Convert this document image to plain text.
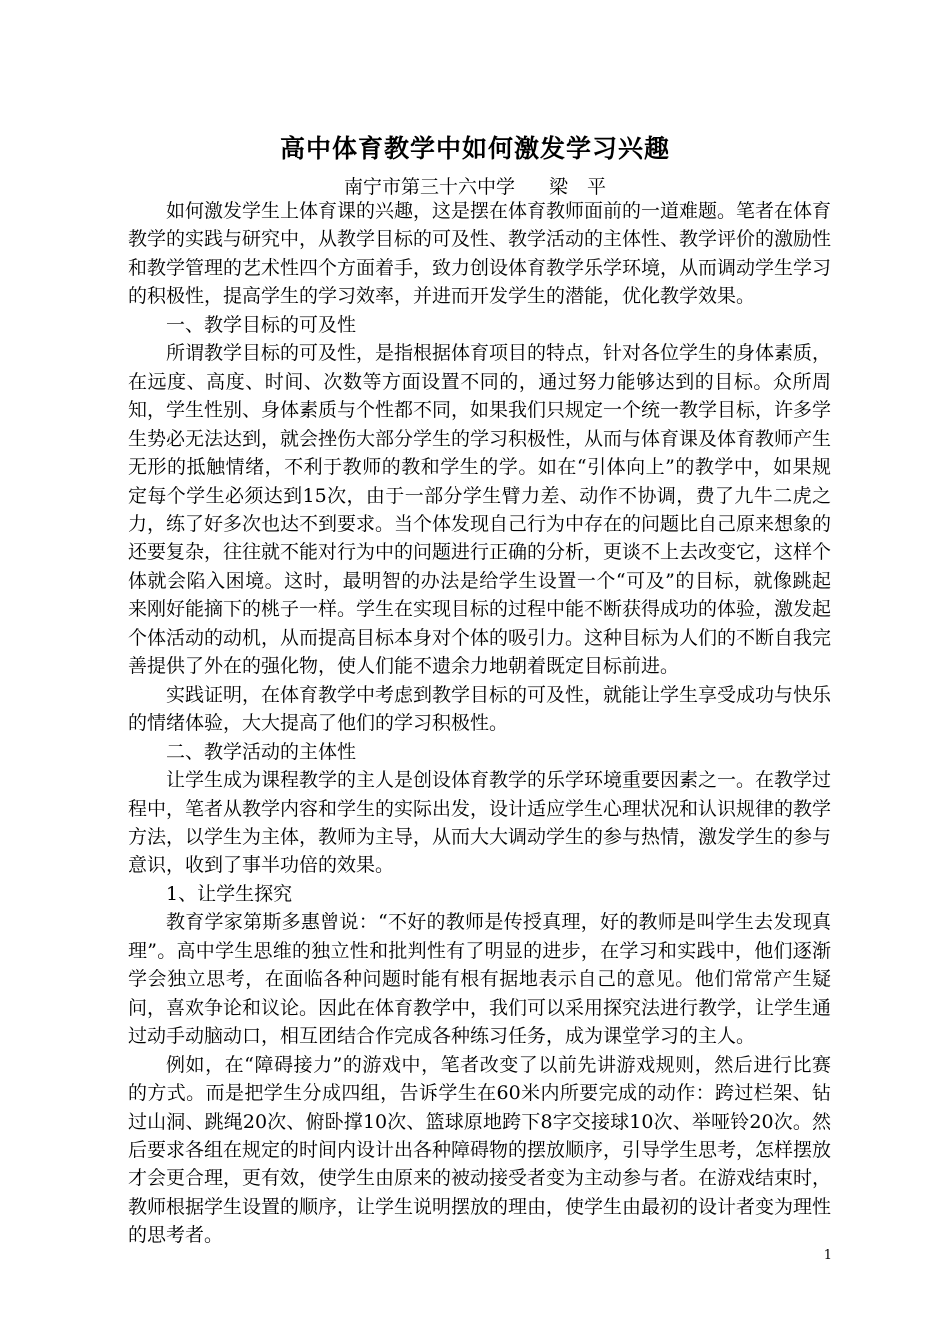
高中体育教学中如何激发学习兴趣
南宁市第三十六中学 梁　平

如何激发学生上体育课的兴趣，这是摆在体育教师面前的一道难题。笔者在体育教学的实践与研究中，从教学目标的可及性、教学活动的主体性、教学评价的激励性和教学管理的艺术性四个方面着手，致力创设体育教学乐学环境，从而调动学生学习的积极性，提高学生的学习效率，并进而开发学生的潜能，优化教学效果。

一、教学目标的可及性

所谓教学目标的可及性，是指根据体育项目的特点，针对各位学生的身体素质，在远度、高度、时间、次数等方面设置不同的，通过努力能够达到的目标。众所周知，学生性别、身体素质与个性都不同，如果我们只规定一个统一教学目标，许多学生势必无法达到，就会挫伤大部分学生的学习积极性，从而与体育课及体育教师产生无形的抵触情绪，不利于教师的教和学生的学。如在“引体向上”的教学中，如果规定每个学生必须达到15次，由于一部分学生臂力差、动作不协调，费了九牛二虎之力，练了好多次也达不到要求。当个体发现自己行为中存在的问题比自己原来想象的还要复杂，往往就不能对行为中的问题进行正确的分析，更谈不上去改变它，这样个体就会陷入困境。这时，最明智的办法是给学生设置一个“可及”的目标，就像跳起来刚好能摘下的桃子一样。学生在实现目标的过程中能不断获得成功的体验，激发起个体活动的动机，从而提高目标本身对个体的吸引力。这种目标为人们的不断自我完善提供了外在的强化物，使人们能不遗余力地朝着既定目标前进。

实践证明，在体育教学中考虑到教学目标的可及性，就能让学生享受成功与快乐的情绪体验，大大提高了他们的学习积极性。

二、教学活动的主体性

让学生成为课程教学的主人是创设体育教学的乐学环境重要因素之一。在教学过程中，笔者从教学内容和学生的实际出发，设计适应学生心理状况和认识规律的教学方法，以学生为主体，教师为主导，从而大大调动学生的参与热情，激发学生的参与意识，收到了事半功倍的效果。

1、让学生探究

教育学家第斯多惠曾说：“不好的教师是传授真理，好的教师是叫学生去发现真理”。高中学生思维的独立性和批判性有了明显的进步，在学习和实践中，他们逐渐学会独立思考，在面临各种问题时能有根有据地表示自己的意见。他们常常产生疑问，喜欢争论和议论。因此在体育教学中，我们可以采用探究法进行教学，让学生通过动手动脑动口，相互团结合作完成各种练习任务，成为课堂学习的主人。

例如，在“障碍接力”的游戏中，笔者改变了以前先讲游戏规则，然后进行比赛的方式。而是把学生分成四组，告诉学生在60米内所要完成的动作：跨过栏架、钻过山洞、跳绳20次、俯卧撑10次、篮球原地跨下8字交接球10次、举哑铃20次。然后要求各组在规定的时间内设计出各种障碍物的摆放顺序，引导学生思考，怎样摆放才会更合理，更有效，使学生由原来的被动接受者变为主动参与者。在游戏结束时，教师根据学生设置的顺序，让学生说明摆放的理由，使学生由最初的设计者变为理性的思考者。

1
